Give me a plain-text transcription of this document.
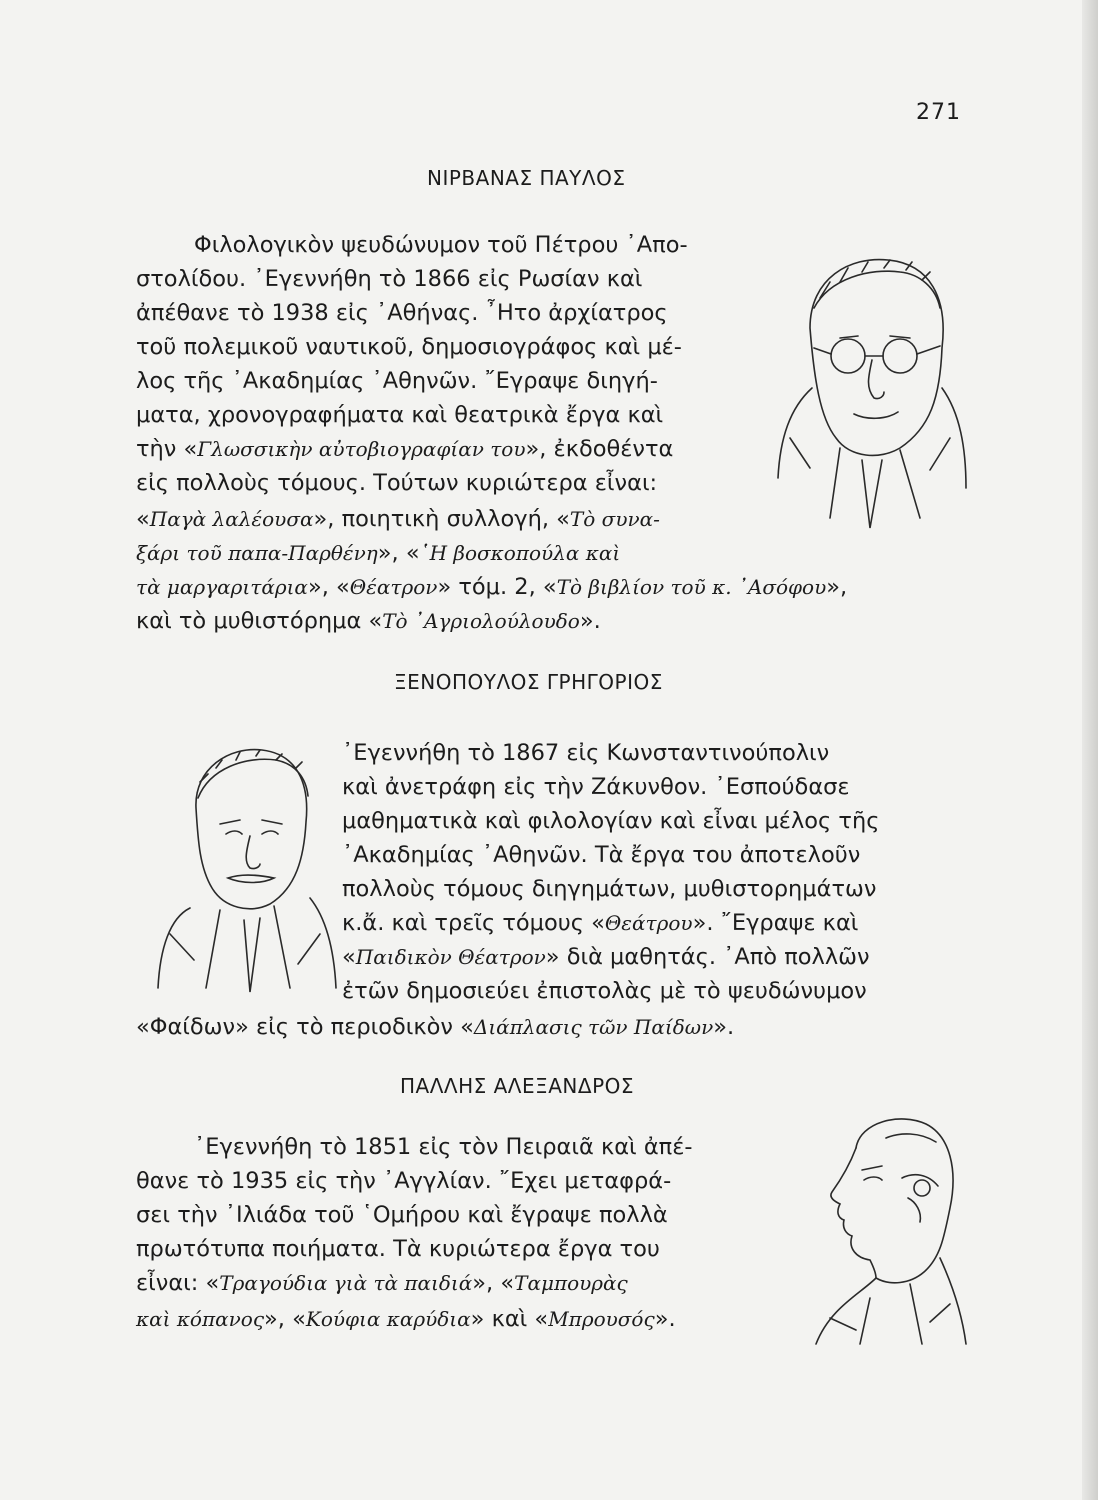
271
ΝΙΡΒΑΝΑΣ ΠΑΥΛΟΣ
Φιλολογικὸν ψευδώνυμον τοῦ Πέτρου ᾿Απο-
στολίδου. ᾿Εγεννήθη τὸ 1866 εἰς Ρωσίαν καὶ
ἀπέθανε τὸ 1938 εἰς ᾿Αθήνας. ῏Ητο ἀρχίατρος
τοῦ πολεμικοῦ ναυτικοῦ, δημοσιογράφος καὶ μέ-
λος τῆς ᾿Ακαδημίας ᾿Αθηνῶν. ῎Εγραψε διηγή-
ματα, χρονογραφήματα καὶ θεατρικὰ ἔργα καὶ
τὴν «Γλωσσικὴν αὐτοβιογραφίαν του», ἐκδοθέντα
εἰς πολλοὺς τόμους. Τούτων κυριώτερα εἶναι:
«Παγὰ λαλέουσα», ποιητικὴ συλλογή, «Τὸ συνα-
ξάρι τοῦ παπα-Παρθένη», «῾Η βοσκοπούλα καὶ
τὰ μαργαριτάρια», «Θέατρον» τόμ. 2, «Τὸ βιβλίον τοῦ κ. ᾿Ασόφου»,
καὶ τὸ μυθιστόρημα «Τὸ ᾿Αγριολούλουδο».
ΞΕΝΟΠΟΥΛΟΣ ΓΡΗΓΟΡΙΟΣ
᾿Εγεννήθη τὸ 1867 εἰς Κωνσταντινούπολιν
καὶ ἀνετράφη εἰς τὴν Ζάκυνθον. ᾿Εσπούδασε
μαθηματικὰ καὶ φιλολογίαν καὶ εἶναι μέλος τῆς
᾿Ακαδημίας ᾿Αθηνῶν. Τὰ ἔργα του ἀποτελοῦν
πολλοὺς τόμους διηγημάτων, μυθιστορημάτων
κ.ἄ. καὶ τρεῖς τόμους «Θεάτρου». ῎Εγραψε καὶ
«Παιδικὸν Θέατρον» διὰ μαθητάς. ᾿Απὸ πολλῶν
ἐτῶν δημοσιεύει ἐπιστολὰς μὲ τὸ ψευδώνυμον
«Φαίδων» εἰς τὸ περιοδικὸν «Διάπλασις τῶν Παίδων».
ΠΑΛΛΗΣ ΑΛΕΞΑΝΔΡΟΣ
᾿Εγεννήθη τὸ 1851 εἰς τὸν Πειραιᾶ καὶ ἀπέ-
θανε τὸ 1935 εἰς τὴν ᾿Αγγλίαν. ῎Εχει μεταφρά-
σει τὴν ᾿Ιλιάδα τοῦ ῾Ομήρου καὶ ἔγραψε πολλὰ
πρωτότυπα ποιήματα. Τὰ κυριώτερα ἔργα του
εἶναι: «Τραγούδια γιὰ τὰ παιδιά», «Ταμπουρὰς
καὶ κόπανος», «Κούφια καρύδια» καὶ «Μπρουσός».
